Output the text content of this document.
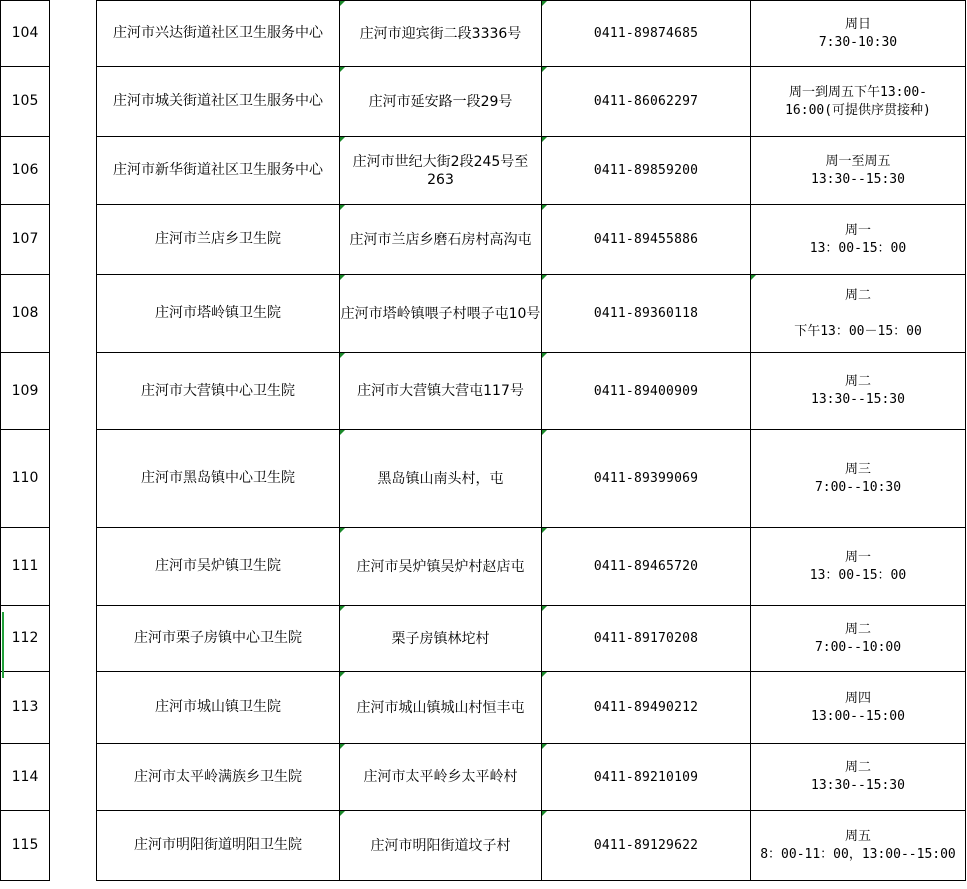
104		庄河市兴达街道社区卫生服务中心	庄河市迎宾街二段3336号	0411-89874685	周日
7:30-10:30

105		庄河市城关街道社区卫生服务中心	庄河市延安路一段29号	0411-86062297	周一到周五下午13:00-
16:00(可提供序贯接种)

106		庄河市新华街道社区卫生服务中心	庄河市世纪大街2段245号至263	0411-89859200	周一至周五
13:30--15:30

107		庄河市兰店乡卫生院	庄河市兰店乡磨石房村高沟屯	0411-89455886	周一
13：00-15：00

108		庄河市塔岭镇卫生院	庄河市塔岭镇喂子村喂子屯10号	0411-89360118	周二

下午13：00－15：00

109		庄河市大营镇中心卫生院	庄河市大营镇大营屯117号	0411-89400909	周二
13:30--15:30

110		庄河市黑岛镇中心卫生院	黑岛镇山南头村，屯	0411-89399069	周三
7:00--10:30

111		庄河市吴炉镇卫生院	庄河市吴炉镇吴炉村赵店屯	0411-89465720	周一
13：00-15：00

112		庄河市栗子房镇中心卫生院	栗子房镇林坨村	0411-89170208	周二
7:00--10:00

113		庄河市城山镇卫生院	庄河市城山镇城山村恒丰屯	0411-89490212	周四
13:00--15:00

114		庄河市太平岭满族乡卫生院	庄河市太平岭乡太平岭村	0411-89210109	周二
13:30--15:30

115		庄河市明阳街道明阳卫生院	庄河市明阳街道坟子村	0411-89129622	周五
8：00-11：00，13:00--15:00
